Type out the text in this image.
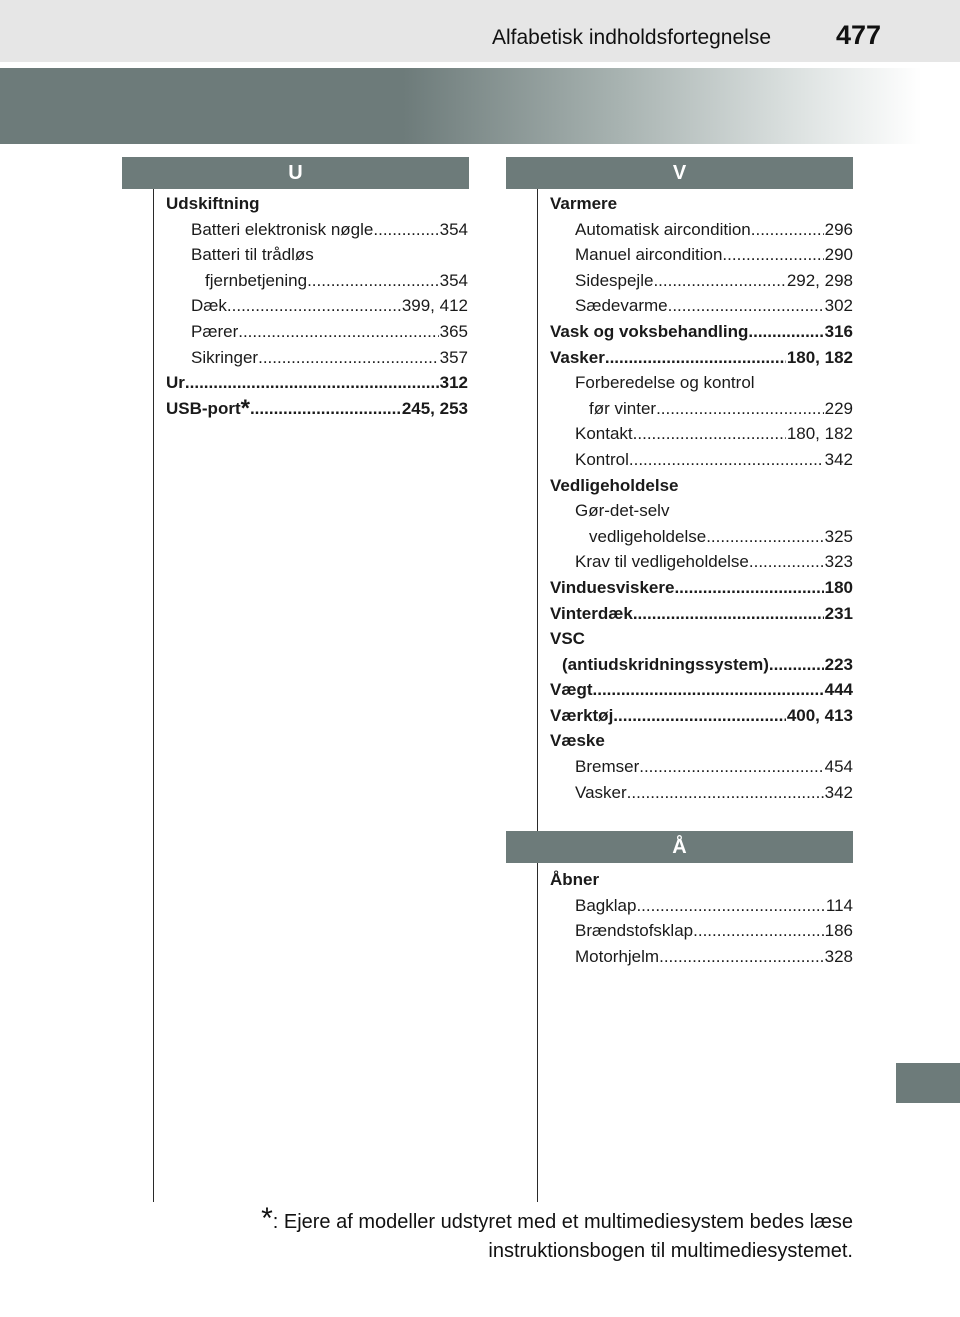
Alfabetisk indholdsfortegnelse 477
U	V
Å
Udskiftning
Batteri elektronisk nøgle .....	354
Batteri til trådløs
fjernbetjening .....	354
Dæk .....	399, 412
Pærer .....	365
Sikringer .....	357
Ur .....	312
USB-port* .....	245, 253
Varmere
Automatisk aircondition .....	296
Manuel aircondition .....	290
Sidespejle .....	292, 298
Sædevarme .....	302
Vask og voksbehandling .....	316
Vasker .....	180, 182
Forberedelse og kontrol
før vinter .....	229
Kontakt .....	180, 182
Kontrol .....	342
Vedligeholdelse
Gør-det-selv
vedligeholdelse .....	325
Krav til vedligeholdelse .....	323
Vinduesviskere .....	180
Vinterdæk .....	231
VSC
(antiudskridningssystem) .....	223
Vægt .....	444
Værktøj .....	400, 413
Væske
Bremser .....	454
Vasker .....	342
Åbner
Bagklap .....	114
Brændstofsklap .....	186
Motorhjelm .....	328
*: Ejere af modeller udstyret med et multimediesystem bedes læse
instruktionsbogen til multimediesystemet.
